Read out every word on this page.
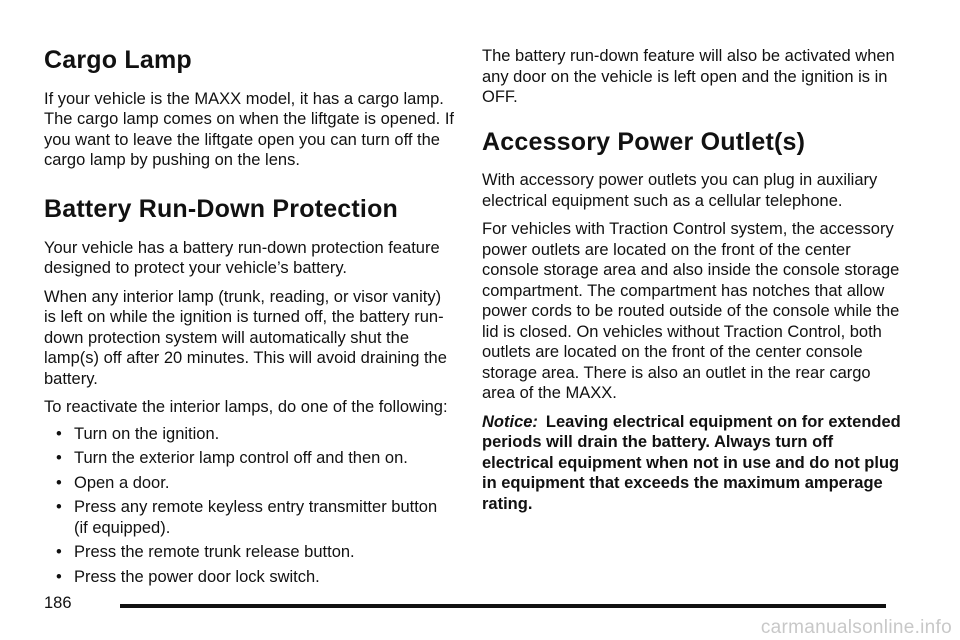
Cargo Lamp

If your vehicle is the MAXX model, it has a cargo lamp. The cargo lamp comes on when the liftgate is opened. If you want to leave the liftgate open you can turn off the cargo lamp by pushing on the lens.

Battery Run-Down Protection

Your vehicle has a battery run-down protection feature designed to protect your vehicle’s battery.

When any interior lamp (trunk, reading, or visor vanity) is left on while the ignition is turned off, the battery run-down protection system will automatically shut the lamp(s) off after 20 minutes. This will avoid draining the battery.

To reactivate the interior lamps, do one of the following:

• Turn on the ignition.
• Turn the exterior lamp control off and then on.
• Open a door.
• Press any remote keyless entry transmitter button (if equipped).
• Press the remote trunk release button.
• Press the power door lock switch.

The battery run-down feature will also be activated when any door on the vehicle is left open and the ignition is in OFF.

Accessory Power Outlet(s)

With accessory power outlets you can plug in auxiliary electrical equipment such as a cellular telephone.

For vehicles with Traction Control system, the accessory power outlets are located on the front of the center console storage area and also inside the console storage compartment. The compartment has notches that allow power cords to be routed outside of the console while the lid is closed. On vehicles without Traction Control, both outlets are located on the front of the center console storage area. There is also an outlet in the rear cargo area of the MAXX.

Notice: Leaving electrical equipment on for extended periods will drain the battery. Always turn off electrical equipment when not in use and do not plug in equipment that exceeds the maximum amperage rating.

186
carmanualsonline.info
